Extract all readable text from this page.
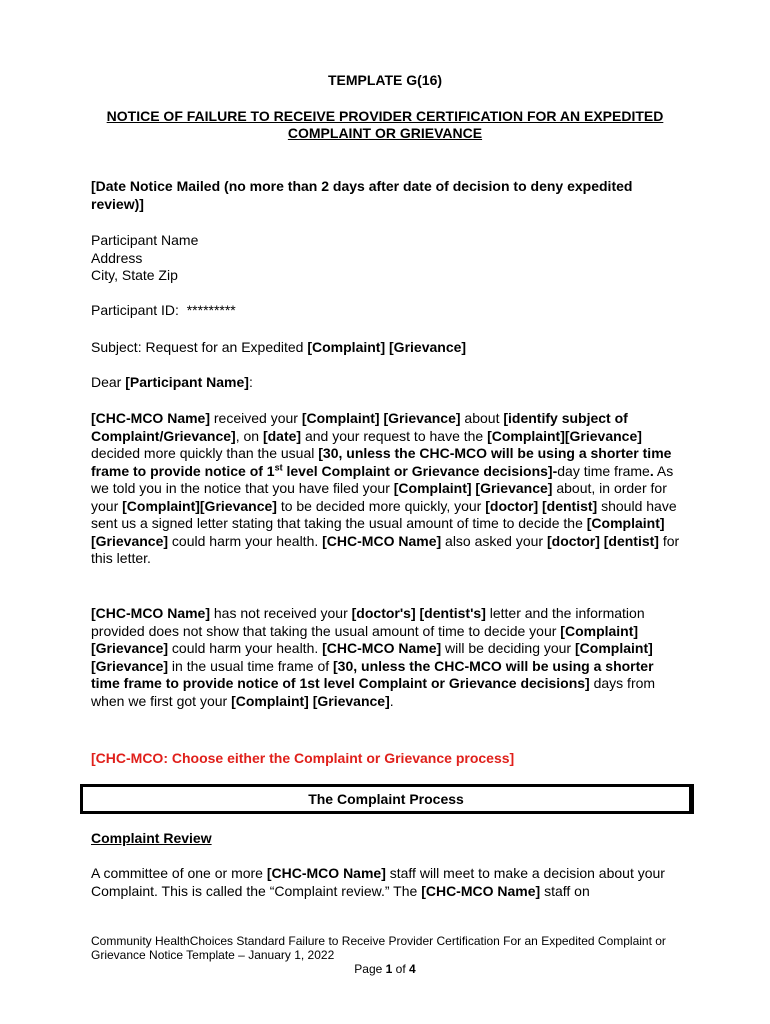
TEMPLATE G(16)
NOTICE OF FAILURE TO RECEIVE PROVIDER CERTIFICATION FOR AN EXPEDITED COMPLAINT OR GRIEVANCE
[Date Notice Mailed (no more than 2 days after date of decision to deny expedited review)]
Participant Name
Address
City, State Zip
Participant ID: *********
Subject: Request for an Expedited [Complaint] [Grievance]
Dear [Participant Name]:
[CHC-MCO Name] received your [Complaint] [Grievance] about [identify subject of Complaint/Grievance], on [date] and your request to have the [Complaint][Grievance] decided more quickly than the usual [30, unless the CHC-MCO will be using a shorter time frame to provide notice of 1st level Complaint or Grievance decisions]-day time frame. As we told you in the notice that you have filed your [Complaint] [Grievance] about, in order for your [Complaint][Grievance] to be decided more quickly, your [doctor] [dentist] should have sent us a signed letter stating that taking the usual amount of time to decide the [Complaint] [Grievance] could harm your health. [CHC-MCO Name] also asked your [doctor] [dentist] for this letter.
[CHC-MCO Name] has not received your [doctor's] [dentist's] letter and the information provided does not show that taking the usual amount of time to decide your [Complaint] [Grievance] could harm your health. [CHC-MCO Name] will be deciding your [Complaint] [Grievance] in the usual time frame of [30, unless the CHC-MCO will be using a shorter time frame to provide notice of 1st level Complaint or Grievance decisions] days from when we first got your [Complaint] [Grievance].
[CHC-MCO: Choose either the Complaint or Grievance process]
The Complaint Process
Complaint Review
A committee of one or more [CHC-MCO Name] staff will meet to make a decision about your Complaint. This is called the “Complaint review.” The [CHC-MCO Name] staff on
Community HealthChoices Standard Failure to Receive Provider Certification For an Expedited Complaint or Grievance Notice Template – January 1, 2022
Page 1 of 4
